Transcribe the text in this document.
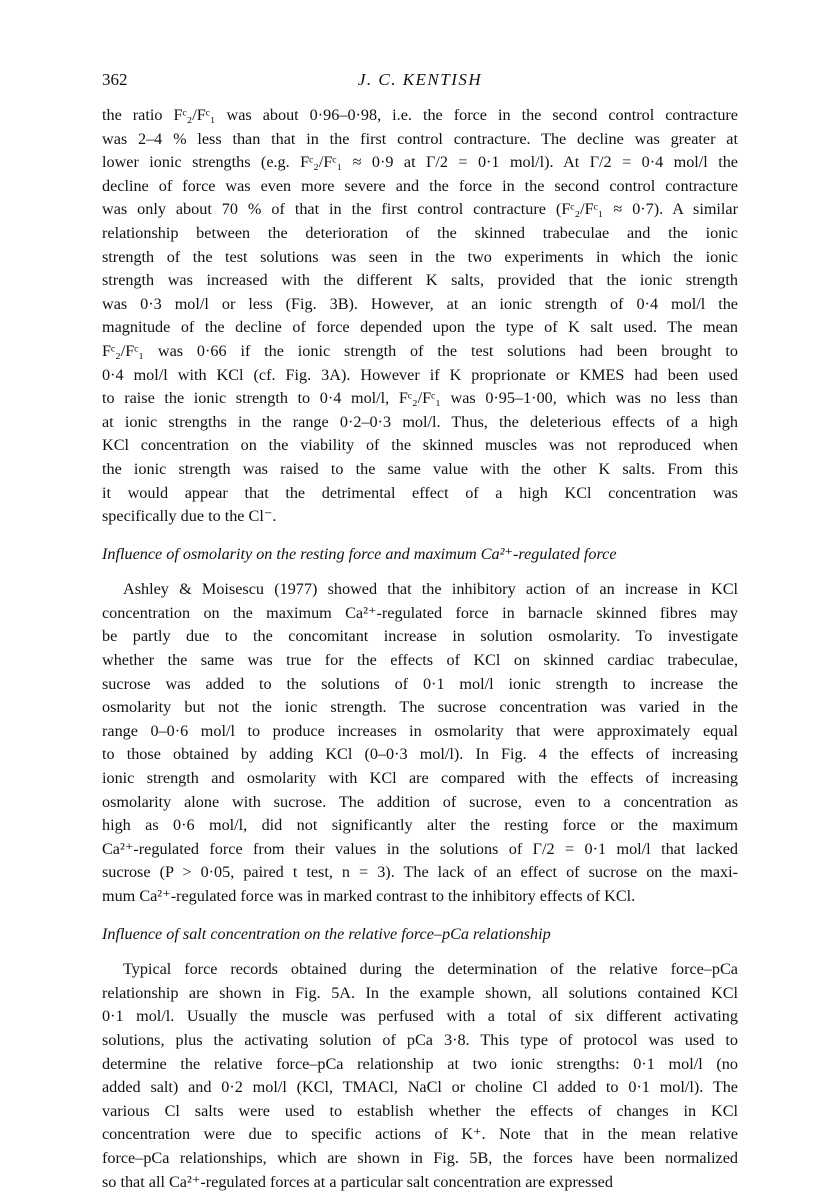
362	J. C. KENTISH
the ratio Fᶜ₂/Fᶜ₁ was about 0·96–0·98, i.e. the force in the second control contracture
was 2–4 % less than that in the first control contracture. The decline was greater at
lower ionic strengths (e.g. Fᶜ₂/Fᶜ₁ ≈ 0·9 at Γ/2 = 0·1 mol/l). At Γ/2 = 0·4 mol/l the
decline of force was even more severe and the force in the second control contracture
was only about 70 % of that in the first control contracture (Fᶜ₂/Fᶜ₁ ≈ 0·7). A similar
relationship between the deterioration of the skinned trabeculae and the ionic
strength of the test solutions was seen in the two experiments in which the ionic
strength was increased with the different K salts, provided that the ionic strength
was 0·3 mol/l or less (Fig. 3B). However, at an ionic strength of 0·4 mol/l the
magnitude of the decline of force depended upon the type of K salt used. The mean
Fᶜ₂/Fᶜ₁ was 0·66 if the ionic strength of the test solutions had been brought to
0·4 mol/l with KCl (cf. Fig. 3A). However if K proprionate or KMES had been used
to raise the ionic strength to 0·4 mol/l, Fᶜ₂/Fᶜ₁ was 0·95–1·00, which was no less than
at ionic strengths in the range 0·2–0·3 mol/l. Thus, the deleterious effects of a high
KCl concentration on the viability of the skinned muscles was not reproduced when
the ionic strength was raised to the same value with the other K salts. From this
it would appear that the detrimental effect of a high KCl concentration was
specifically due to the Cl⁻.
Influence of osmolarity on the resting force and maximum Ca²⁺-regulated force
Ashley & Moisescu (1977) showed that the inhibitory action of an increase in KCl
concentration on the maximum Ca²⁺-regulated force in barnacle skinned fibres may
be partly due to the concomitant increase in solution osmolarity. To investigate
whether the same was true for the effects of KCl on skinned cardiac trabeculae,
sucrose was added to the solutions of 0·1 mol/l ionic strength to increase the
osmolarity but not the ionic strength. The sucrose concentration was varied in the
range 0–0·6 mol/l to produce increases in osmolarity that were approximately equal
to those obtained by adding KCl (0–0·3 mol/l). In Fig. 4 the effects of increasing
ionic strength and osmolarity with KCl are compared with the effects of increasing
osmolarity alone with sucrose. The addition of sucrose, even to a concentration as
high as 0·6 mol/l, did not significantly alter the resting force or the maximum
Ca²⁺-regulated force from their values in the solutions of Γ/2 = 0·1 mol/l that lacked
sucrose (P > 0·05, paired t test, n = 3). The lack of an effect of sucrose on the maxi-
mum Ca²⁺-regulated force was in marked contrast to the inhibitory effects of KCl.
Influence of salt concentration on the relative force–pCa relationship
Typical force records obtained during the determination of the relative force–pCa
relationship are shown in Fig. 5A. In the example shown, all solutions contained KCl
0·1 mol/l. Usually the muscle was perfused with a total of six different activating
solutions, plus the activating solution of pCa 3·8. This type of protocol was used to
determine the relative force–pCa relationship at two ionic strengths: 0·1 mol/l (no
added salt) and 0·2 mol/l (KCl, TMACl, NaCl or choline Cl added to 0·1 mol/l). The
various Cl salts were used to establish whether the effects of changes in KCl
concentration were due to specific actions of K⁺. Note that in the mean relative
force–pCa relationships, which are shown in Fig. 5B, the forces have been normalized
so that all Ca²⁺-regulated forces at a particular salt concentration are expressed
